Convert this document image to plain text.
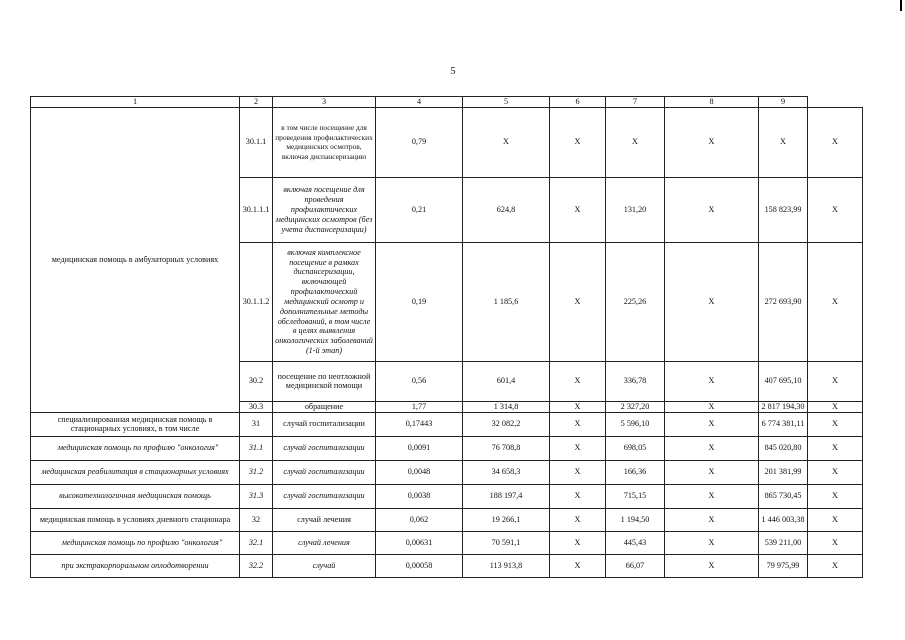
5
1	2	3	4	5	6	7	8	9	
медицинская помощь в амбулаторных условиях	30.1.1	в том числе посещение для проведения профилактических медицинских осмотров, включая диспансеризацию	0,79	X	X	X	X	X	X
	30.1.1.1	включая посещение для проведения профилактических медицинских осмотров (без учета диспансеризации)	0,21	624,8	X	131,20	X	158 823,99	X
	30.1.1.2	включая комплексное посещение в рамках диспансеризации, включающей профилактический медицинский осмотр и дополнительные методы обследований, в том числе в целях выявления онкологических заболеваний (1-й этап)	0,19	1 185,6	X	225,26	X	272 693,90	X
	30.2	посещение по неотложной медицинской помощи	0,56	601,4	X	336,78	X	407 695,10	X
	30.3	обращение	1,77	1 314,8	X	2 327,20	X	2 817 194,30	X
специализированная медицинская помощь в стационарных условиях, в том числе	31	случай госпитализации	0,17443	32 082,2	X	5 596,10	X	6 774 381,11	X
медицинская помощь по профилю "онкология"	31.1	случай госпитализации	0,0091	76 708,8	X	698,05	X	845 020,80	X
медицинская реабилитация в стационарных условиях	31.2	случай госпитализации	0,0048	34 658,3	X	166,36	X	201 381,99	X
высокотехнологичная медицинская помощь	31.3	случай госпитализации	0,0038	188 197,4	X	715,15	X	865 730,45	X
медицинская помощь в условиях дневного стационара	32	случай лечения	0,062	19 266,1	X	1 194,50	X	1 446 003,38	X
медицинская помощь по профилю "онкология"	32.1	случай лечения	0,00631	70 591,1	X	445,43	X	539 211,00	X
при экстракорпоральном оплодотворении	32.2	случай	0,00058	113 913,8	X	66,07	X	79 975,99	X
